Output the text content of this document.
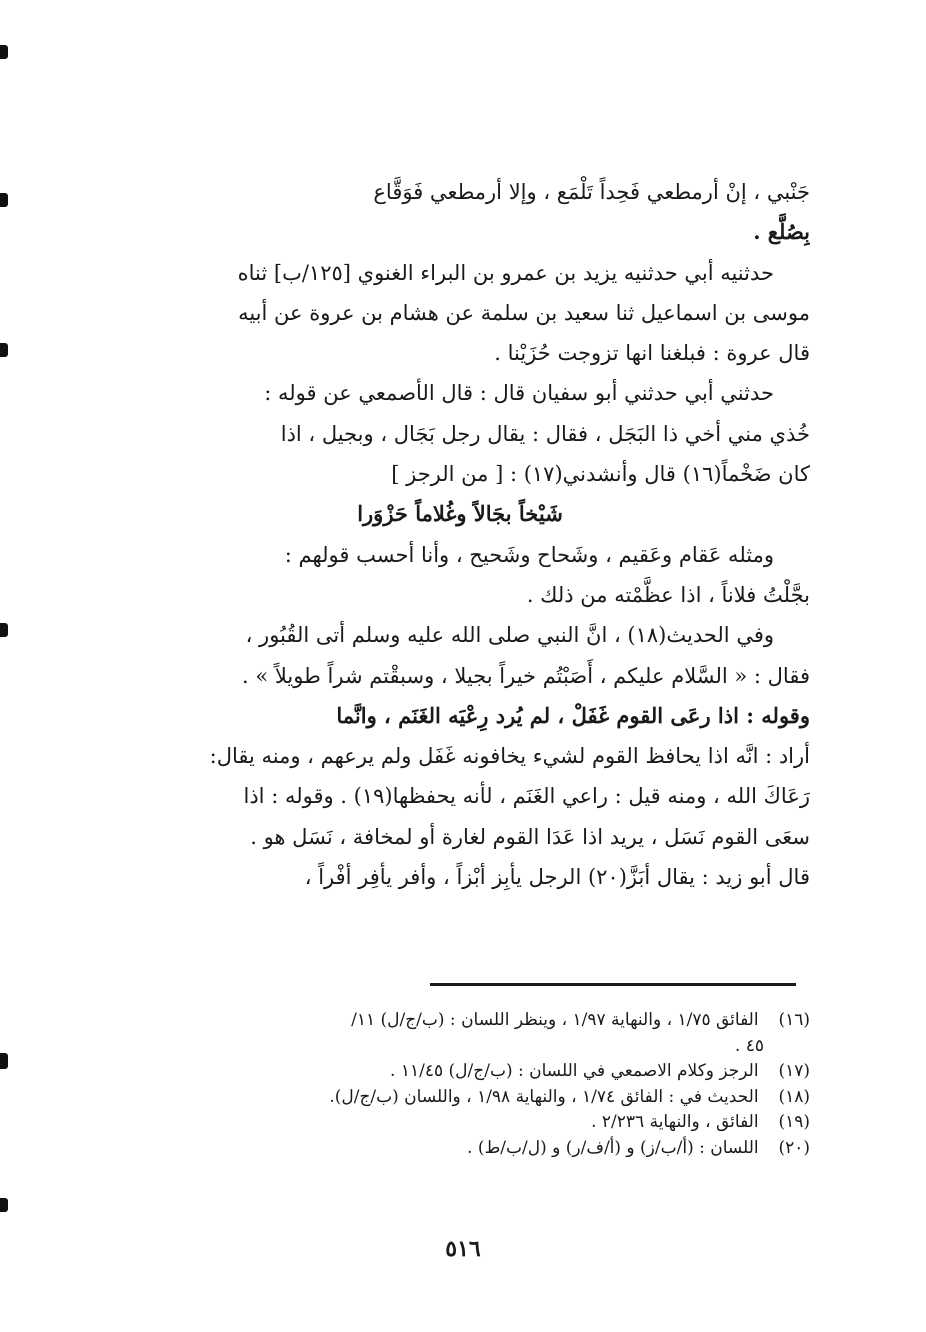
جَنْبي ، إنْ أرمطعي فَحِداً تَلْمَع ، وإلا أرمطعي فَوَقَّاع
بِصُلَّع .
حدثنيه أبي حدثنيه يزيد بن عمرو بن البراء الغنوي [١٢٥/ب] ثناه
موسى بن اسماعيل ثنا سعيد بن سلمة عن هشام بن عروة عن أبيه
قال عروة : فبلغنا انها تزوجت حُزَيْنا .
حدثني أبي حدثني أبو سفيان قال : قال الأصمعي عن قوله :
خُذي مني أخي ذا البَجَل ، فقال : يقال رجل بَجَال ، وبجيل ، اذا
كان ضَخْماً(١٦) قال وأنشدني(١٧) : [ من الرجز ]
شَيْخاً بجَالاً وغُلاماً حَزْوَرا
ومثله عَقام وعَقيم ، وشَحاح وشَحيح ، وأنا أحسب قولهم :
بجَّلْتُ فلاناً ، اذا عظَّمْته من ذلك .
وفي الحديث(١٨) ، انَّ النبي صلى الله عليه وسلم أتى القُبُور ،
فقال : « السَّلام عليكم ، أَصَبْتُم خيراً بجيلا ، وسبقْتم شراً طويلاً » .
وقوله : اذا رعَى القوم غَفَلْ ، لم يُرد رِعْيَه الغَنَم ، وانَّما
أراد : انَّه اذا يحافظ القوم لشيء يخافونه غَفَل ولم يرعهم ، ومنه يقال:
رَعَاكَ الله ، ومنه قيل : راعي الغَنَم ، لأنه يحفظها(١٩) . وقوله : اذا
سعَى القوم نَسَل ، يريد اذا عَدَا القوم لغارة أو لمخافة ، نَسَل هو .
قال أبو زيد : يقال أبَزَّ(٢٠) الرجل يأبِز أبْزاً ، وأفر يأفِر أفْراً ،
(١٦) الفائق ١/٧٥ ، والنهاية ١/٩٧ ، وينظر اللسان : (ب/ج/ل) ١١/
٤٥ .
(١٧) الرجز وكلام الاصمعي في اللسان : (ب/ج/ل) ١١/٤٥ .
(١٨) الحديث في : الفائق ١/٧٤ ، والنهاية ١/٩٨ ، واللسان (ب/ج/ل).
(١٩) الفائق ، والنهاية ٢/٢٣٦ .
(٢٠) اللسان : (أ/ب/ز) و (أ/ف/ر) و (ل/ب/ط) .
٥١٦
